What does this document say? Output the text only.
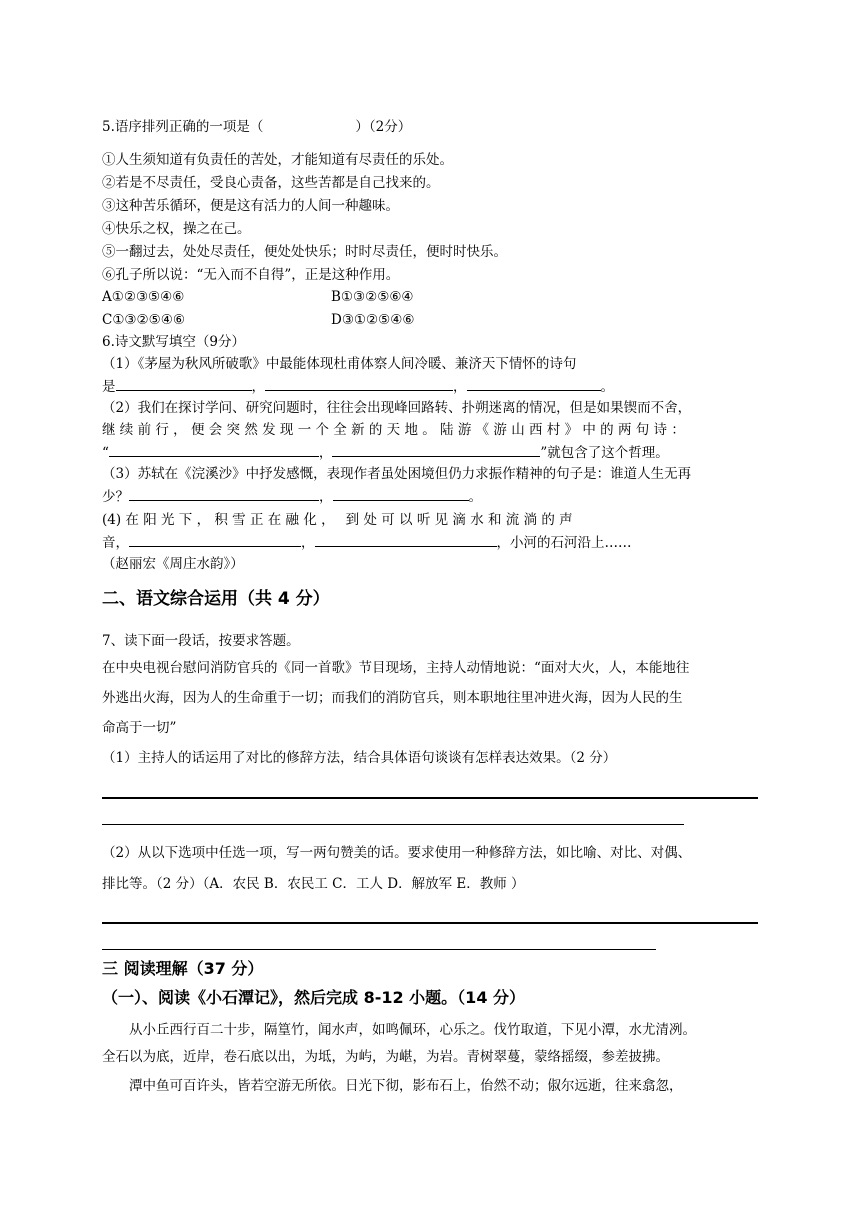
5.语序排列正确的一项是（	）（2分）
①人生须知道有负责任的苦处，才能知道有尽责任的乐处。
②若是不尽责任，受良心责备，这些苦都是自己找来的。
③这种苦乐循环，便是这有活力的人间一种趣味。
④快乐之权，操之在己。
⑤一翻过去，处处尽责任，便处处快乐；时时尽责任，便时时快乐。
⑥孔子所以说：“无入而不自得”，正是这种作用。
A①②③⑤④⑥	B①③②⑤⑥④
C①③②⑤④⑥	D③①②⑤④⑥
6.诗文默写填空（9分）
（1）《茅屋为秋风所破歌》中最能体现杜甫体察人间冷暖、兼济天下情怀的诗句
是	，	，	。
（2）我们在探讨学问、研究问题时，往往会出现峰回路转、扑朔迷离的情况，但是如果锲而不舍，
继 续 前 行 ， 便 会 突 然 发 现 一 个 全 新 的 天 地 。 陆 游 《 游 山 西 村 》 中 的 两 句 诗 ：
“	，	”就包含了这个哲理。
（3）苏轼在《浣溪沙》中抒发感慨，表现作者虽处困境但仍力求振作精神的句子是：谁道人生无再
少？	，	。
(4) 在 阳 光 下 ， 积 雪 正 在 融 化 ，　 到 处 可 以 听 见 滴 水 和 流 淌 的 声
音，	，	，小河的石河沿上……
（赵丽宏《周庄水韵》）
二、语文综合运用（共 4 分）
7、读下面一段话，按要求答题。
在中央电视台慰问消防官兵的《同一首歌》节目现场，主持人动情地说：“面对大火，人，本能地往
外逃出火海，因为人的生命重于一切；而我们的消防官兵，则本职地往里冲进火海，因为人民的生
命高于一切”
（1）主持人的话运用了对比的修辞方法，结合具体语句谈谈有怎样表达效果。（2 分）
（2）从以下选项中任选一项，写一两句赞美的话。要求使用一种修辞方法，如比喻、对比、对偶、
排比等。（2 分）（A．农民 B．农民工 C．工人 D．解放军 E．教师 ）
三 阅读理解（37 分）
（一）、阅读《小石潭记》，然后完成 8-12 小题。（14 分）
从小丘西行百二十步，隔篁竹，闻水声，如鸣佩环，心乐之。伐竹取道，下见小潭，水尤清冽。
全石以为底，近岸，卷石底以出，为坻，为屿，为嵁，为岩。青树翠蔓，蒙络摇缀，参差披拂。
潭中鱼可百许头，皆若空游无所依。日光下彻，影布石上，佁然不动；俶尔远逝，往来翕忽，
